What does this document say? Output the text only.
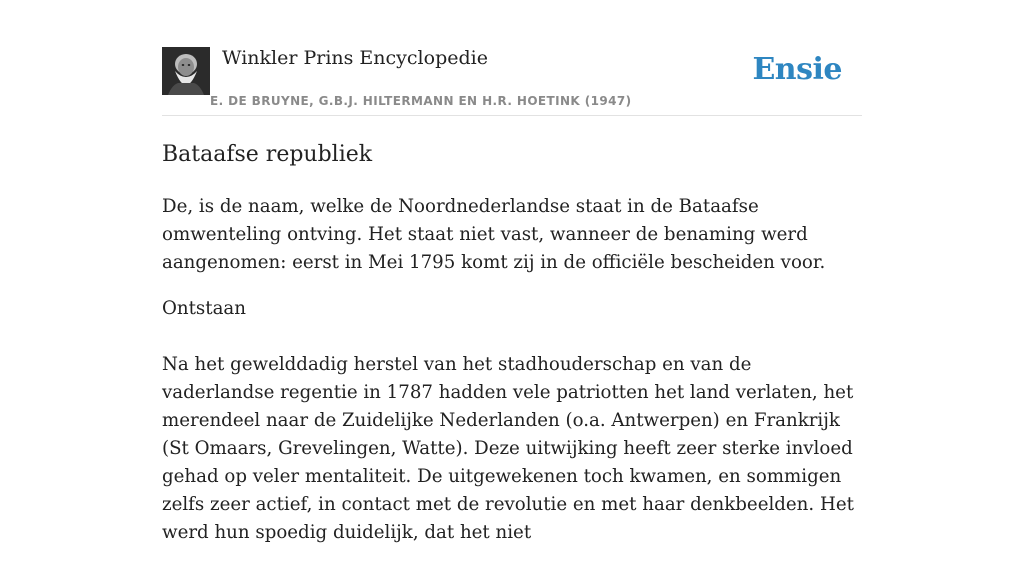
Winkler Prins Encyclopedie
E. DE BRUYNE, G.B.J. HILTERMANN EN H.R. HOETINK (1947)
Ensie
Bataafse republiek

De, is de naam, welke de Noordnederlandse staat in de Bataafse omwenteling ontving. Het staat niet vast, wanneer de benaming werd aangenomen: eerst in Mei 1795 komt zij in de officiële bescheiden voor.

Ontstaan

Na het gewelddadig herstel van het stadhouderschap en van de vaderlandse regentie in 1787 hadden vele patriotten het land verlaten, het merendeel naar de Zuidelijke Nederlanden (o.a. Antwerpen) en Frankrijk (St Omaars, Grevelingen, Watte). Deze uitwijking heeft zeer sterke invloed gehad op veler mentaliteit. De uitgewekenen toch kwamen, en sommigen zelfs zeer actief, in contact met de revolutie en met haar denkbeelden. Het werd hun spoedig duidelijk, dat het niet
